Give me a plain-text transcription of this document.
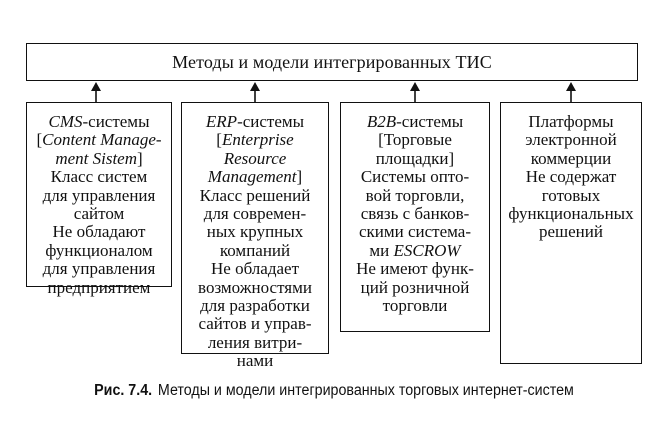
Методы и модели интегрированных ТИС
CMS-системы
[Content Manage-
ment Sistem]
Класс систем
для управления
сайтом
Не обладают
функционалом
для управления
предприятием
ERP-системы
[Enterprise
Resource
Management]
Класс решений
для современ-
ных крупных
компаний
Не обладает
возможностями
для разработки
сайтов и управ-
ления витри-
нами
B2B-системы
[Торговые
площадки]
Системы опто-
вой торговли,
связь с банков-
скими система-
ми ESCROW
Не имеют функ-
ций розничной
торговли
Платформы
электронной
коммерции
Не содержат
готовых
функциональных
решений
Рис. 7.4. Методы и модели интегрированных торговых интернет-систем
